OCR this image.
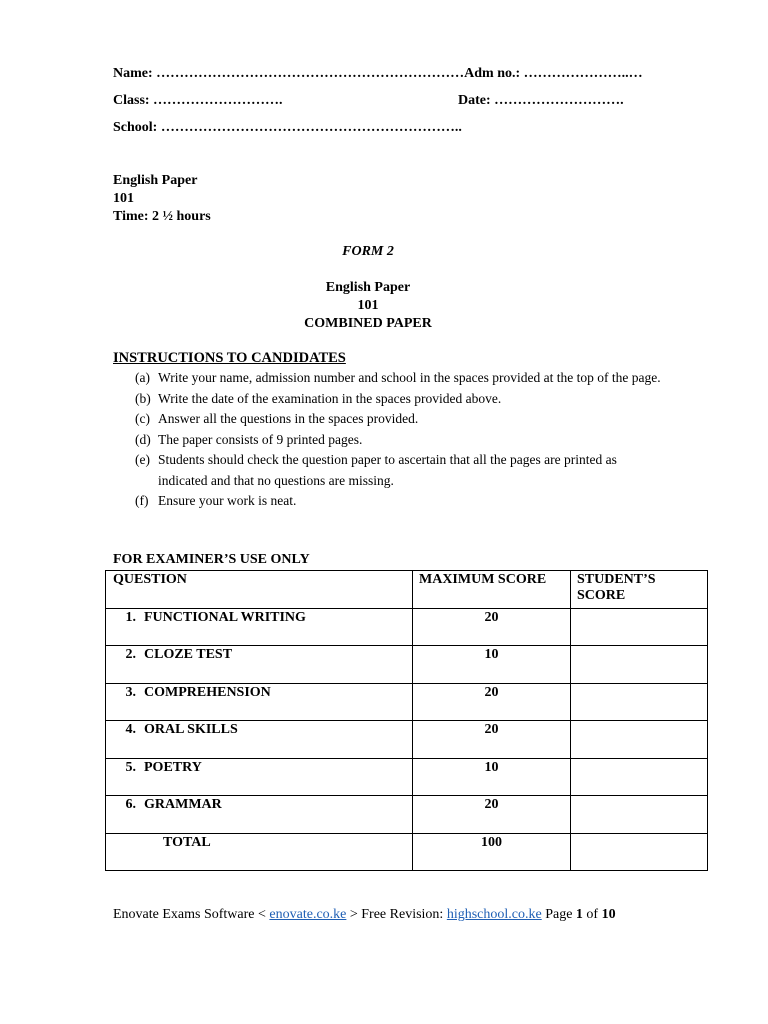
Name: …………………………………………………………Adm no.: …………………..…
Class: ……………………….	Date: ……………………….
School: ………………………………………………………..
English Paper
101
Time: 2 ½ hours
FORM 2
English Paper
101
COMBINED PAPER
INSTRUCTIONS TO CANDIDATES
(a) Write your name, admission number and school in the spaces provided at the top of the page.
(b) Write the date of the examination in the spaces provided above.
(c) Answer all the questions in the spaces provided.
(d) The paper consists of 9 printed pages.
(e) Students should check the question paper to ascertain that all the pages are printed as
indicated and that no questions are missing.
(f) Ensure your work is neat.
FOR EXAMINER’S USE ONLY
QUESTION	MAXIMUM SCORE	STUDENT’S SCORE
1. FUNCTIONAL WRITING	20	
2. CLOZE TEST	10	
3. COMPREHENSION	20	
4. ORAL SKILLS	20	
5. POETRY	10	
6. GRAMMAR	20	
TOTAL	100	
Enovate Exams Software < enovate.co.ke > Free Revision: highschool.co.ke Page 1 of 10
